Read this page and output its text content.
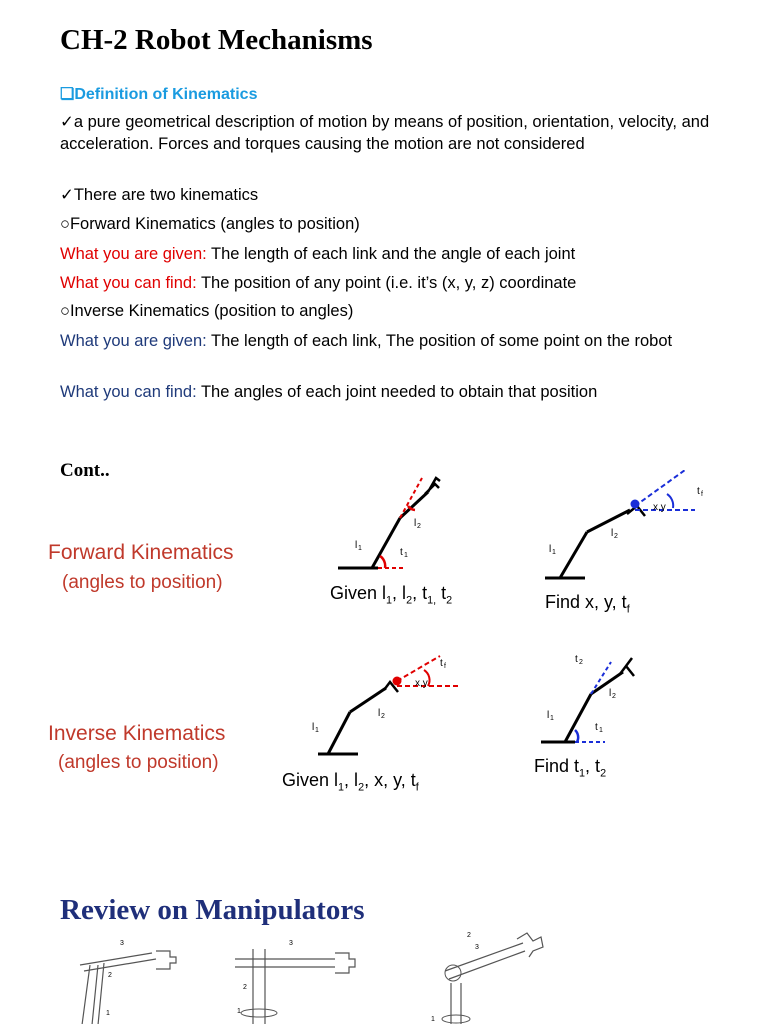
CH-2 Robot Mechanisms
❏Definition of Kinematics
✓a pure geometrical description of motion by means of position, orientation, velocity, and acceleration. Forces and torques causing the motion are not considered
✓There are two kinematics
○Forward Kinematics (angles to position)
What you are given: The length of each link and the angle of each joint
What you can find: The position of any point (i.e. it’s (x, y, z) coordinate
○Inverse Kinematics (position to angles)
What you are given: The length of each link, The position of some point on the robot
What you can find: The angles of each joint needed to obtain that position
Cont..
Forward Kinematics
(angles to position)
Inverse Kinematics
(angles to position)
l 1
l 2
t 1
Given $l_1$, $l_2$, $t_{1,}$ $t_2$
x,y
t f
l 1
l 2
Find x, y, $t_f$
x,y
t f
l 1
l 2
Given $l_1$, $l_2$, x, y, $t_f$
t 2
l 1
l 2
t 1
Find $t_1$, $t_2$
Review on Manipulators
3
2
1
3
2
1
3
2
1
